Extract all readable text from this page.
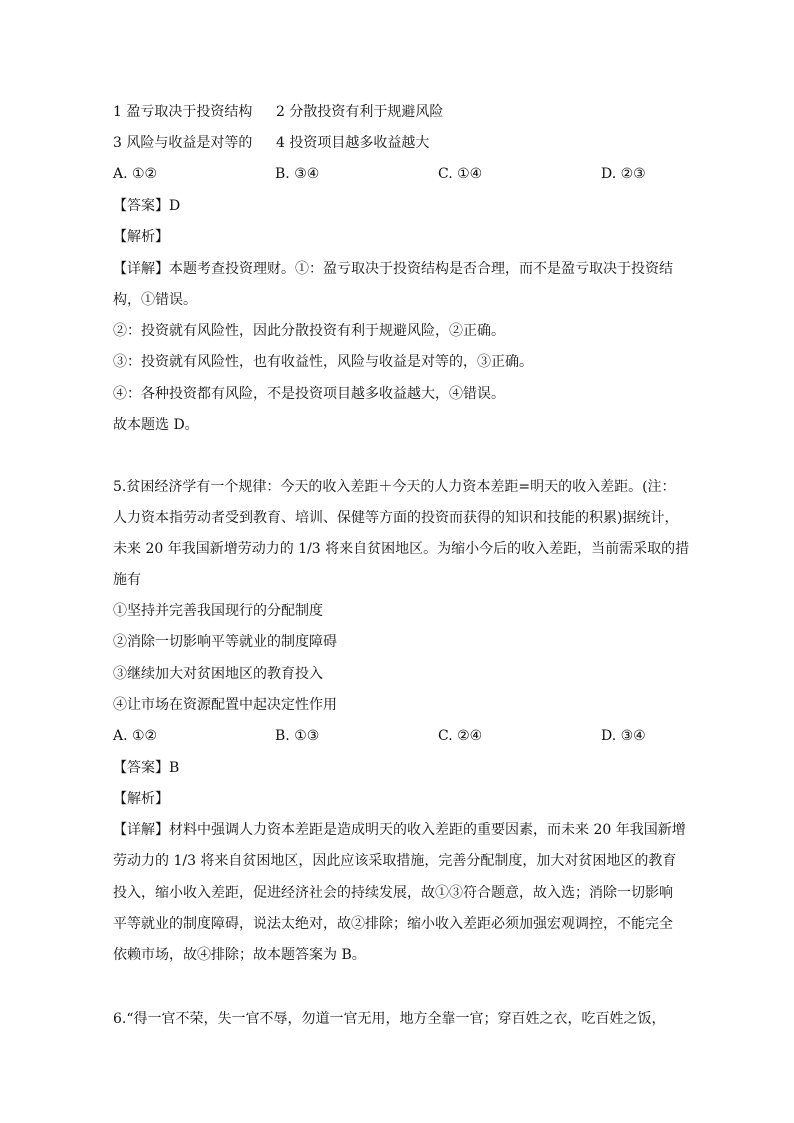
1 盈亏取决于投资结构 2 分散投资有利于规避风险
3 风险与收益是对等的 4 投资项目越多收益越大
A. ①②	B. ③④	C. ①④	D. ②③
【答案】D
【解析】
【详解】本题考查投资理财。①：盈亏取决于投资结构是否合理，而不是盈亏取决于投资结
构，①错误。
②：投资就有风险性，因此分散投资有利于规避风险，②正确。
③：投资就有风险性，也有收益性，风险与收益是对等的，③正确。
④：各种投资都有风险，不是投资项目越多收益越大，④错误。
故本题选 D。
5.贫困经济学有一个规律：今天的收入差距＋今天的人力资本差距=明天的收入差距。(注：
人力资本指劳动者受到教育、培训、保健等方面的投资而获得的知识和技能的积累)据统计，
未来 20 年我国新增劳动力的 1/3 将来自贫困地区。为缩小今后的收入差距，当前需采取的措
施有
①坚持并完善我国现行的分配制度
②消除一切影响平等就业的制度障碍
③继续加大对贫困地区的教育投入
④让市场在资源配置中起决定性作用
A. ①②	B. ①③	C. ②④	D. ③④
【答案】B
【解析】
【详解】材料中强调人力资本差距是造成明天的收入差距的重要因素，而未来 20 年我国新增
劳动力的 1/3 将来自贫困地区，因此应该采取措施，完善分配制度，加大对贫困地区的教育
投入，缩小收入差距，促进经济社会的持续发展，故①③符合题意，故入选；消除一切影响
平等就业的制度障碍，说法太绝对，故②排除；缩小收入差距必须加强宏观调控，不能完全
依赖市场，故④排除；故本题答案为 B。
6.“得一官不荣，失一官不辱，勿道一官无用，地方全靠一官；穿百姓之衣，吃百姓之饭，
